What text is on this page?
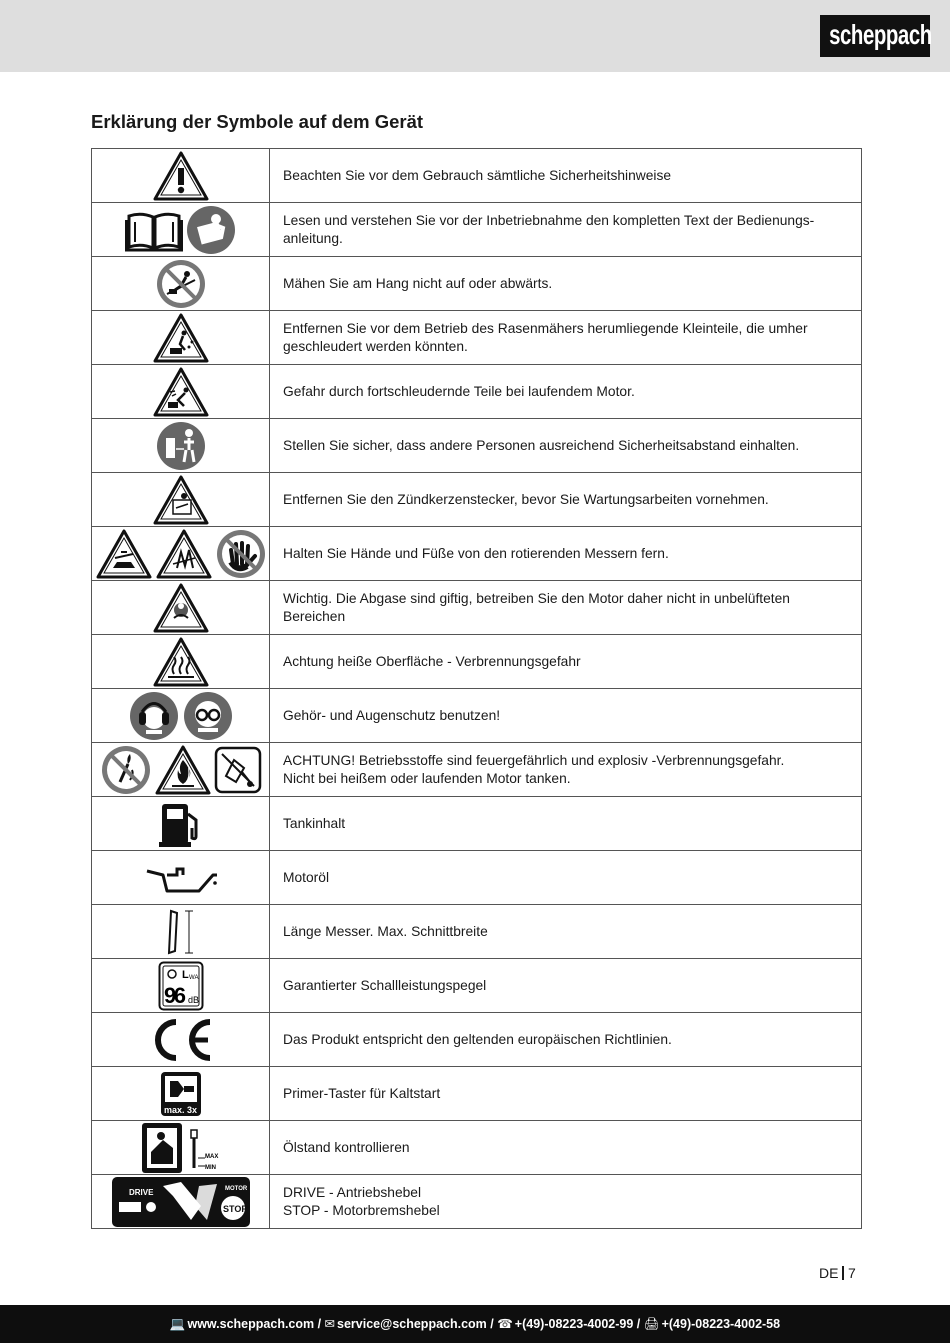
scheppach
Erklärung der Symbole auf dem Gerät

Beachten Sie vor dem Gebrauch sämtliche Sicherheitshinweise

Lesen und verstehen Sie vor der Inbetriebnahme den kompletten Text der Bedienungs-
anleitung.

Mähen Sie am Hang nicht auf oder abwärts.

Entfernen Sie vor dem Betrieb des Rasenmähers herumliegende Kleinteile, die umher
geschleudert werden könnten.

Gefahr durch fortschleudernde Teile bei laufendem Motor.

Stellen Sie sicher, dass andere Personen ausreichend Sicherheitsabstand einhalten.

Entfernen Sie den Zündkerzenstecker, bevor Sie Wartungsarbeiten vornehmen.

Halten Sie Hände und Füße von den rotierenden Messern fern.

Wichtig. Die Abgase sind giftig, betreiben Sie den Motor daher nicht in unbelüfteten
Bereichen

Achtung heiße Oberfläche - Verbrennungsgefahr

Gehör- und Augenschutz benutzen!

ACHTUNG! Betriebsstoffe sind feuergefährlich und explosiv -Verbrennungsgefahr.
Nicht bei heißem oder laufenden Motor tanken.

Tankinhalt

Motoröl

Länge Messer. Max. Schnittbreite

L WA
96 dB	Garantierter Schallleistungspegel

Das Produkt entspricht den geltenden europäischen Richtlinien.

max. 3x	Primer-Taster für Kaltstart

MAX
MIN	Ölstand kontrollieren

DRIVE MOTOR
STOP	DRIVE - Antriebshebel
STOP - Motorbremshebel
DE 7
💻 www.scheppach.com / ✉ service@scheppach.com / ☎ +(49)-08223-4002-99 / 🖨 +(49)-08223-4002-58
